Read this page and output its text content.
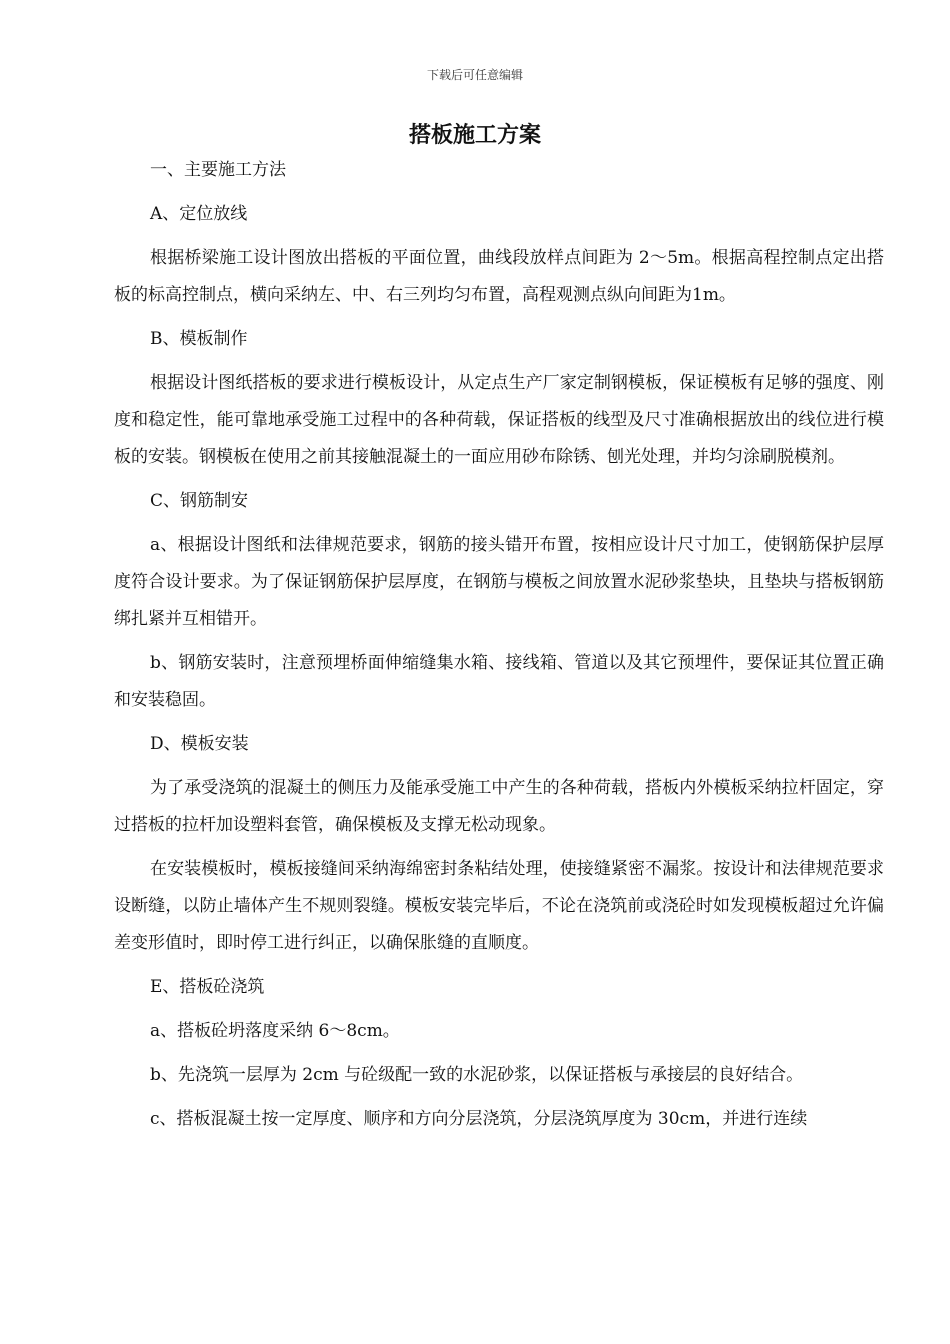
下载后可任意编辑
搭板施工方案

一、主要施工方法

A、定位放线

根据桥梁施工设计图放出搭板的平面位置，曲线段放样点间距为 2～5m。根据高程控制点定出搭板的标高控制点，横向采纳左、中、右三列均匀布置，高程观测点纵向间距为1m。

B、模板制作

根据设计图纸搭板的要求进行模板设计，从定点生产厂家定制钢模板，保证模板有足够的强度、刚度和稳定性，能可靠地承受施工过程中的各种荷载，保证搭板的线型及尺寸准确根据放出的线位进行模板的安装。钢模板在使用之前其接触混凝土的一面应用砂布除锈、刨光处理，并均匀涂刷脱模剂。

C、钢筋制安

a、根据设计图纸和法律规范要求，钢筋的接头错开布置，按相应设计尺寸加工，使钢筋保护层厚度符合设计要求。为了保证钢筋保护层厚度，在钢筋与模板之间放置水泥砂浆垫块，且垫块与搭板钢筋绑扎紧并互相错开。

b、钢筋安装时，注意预埋桥面伸缩缝集水箱、接线箱、管道以及其它预埋件，要保证其位置正确和安装稳固。

D、模板安装

为了承受浇筑的混凝土的侧压力及能承受施工中产生的各种荷载，搭板内外模板采纳拉杆固定，穿过搭板的拉杆加设塑料套管，确保模板及支撑无松动现象。

在安装模板时，模板接缝间采纳海绵密封条粘结处理，使接缝紧密不漏浆。按设计和法律规范要求设断缝，以防止墙体产生不规则裂缝。模板安装完毕后，不论在浇筑前或浇砼时如发现模板超过允许偏差变形值时，即时停工进行纠正，以确保胀缝的直顺度。

E、搭板砼浇筑

a、搭板砼坍落度采纳 6～8cm。

b、先浇筑一层厚为 2cm 与砼级配一致的水泥砂浆，以保证搭板与承接层的良好结合。

c、搭板混凝土按一定厚度、顺序和方向分层浇筑，分层浇筑厚度为 30cm，并进行连续
